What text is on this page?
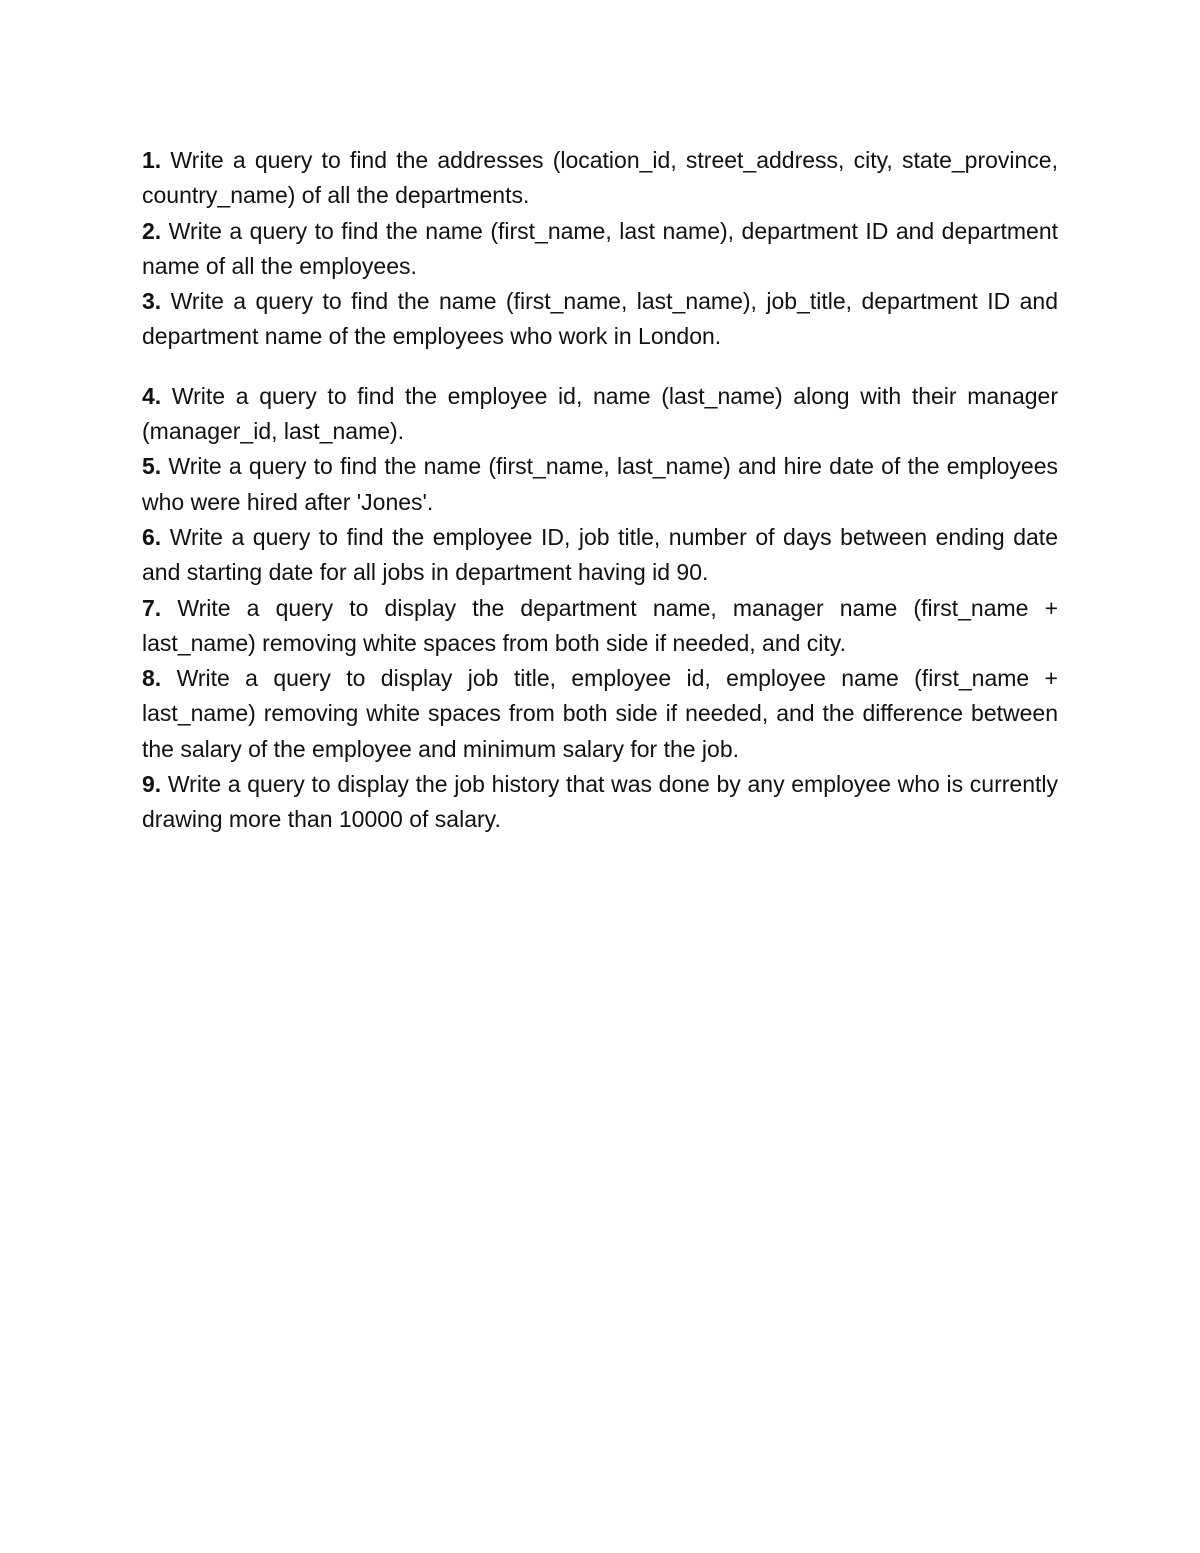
1. Write a query to find the addresses (location_id, street_address, city, state_province, country_name) of all the departments.

2. Write a query to find the name (first_name, last name), department ID and department name of all the employees.

3. Write a query to find the name (first_name, last_name), job_title, department ID and department name of the employees who work in London.

4. Write a query to find the employee id, name (last_name) along with their manager (manager_id, last_name).

5. Write a query to find the name (first_name, last_name) and hire date of the employees who were hired after 'Jones'.

6. Write a query to find the employee ID, job title, number of days between ending date and starting date for all jobs in department having id 90.

7. Write a query to display the department name, manager name (first_name + last_name) removing white spaces from both side if needed, and city.

8. Write a query to display job title, employee id, employee name (first_name + last_name) removing white spaces from both side if needed, and the difference between the salary of the employee and minimum salary for the job.

9. Write a query to display the job history that was done by any employee who is currently drawing more than 10000 of salary.
